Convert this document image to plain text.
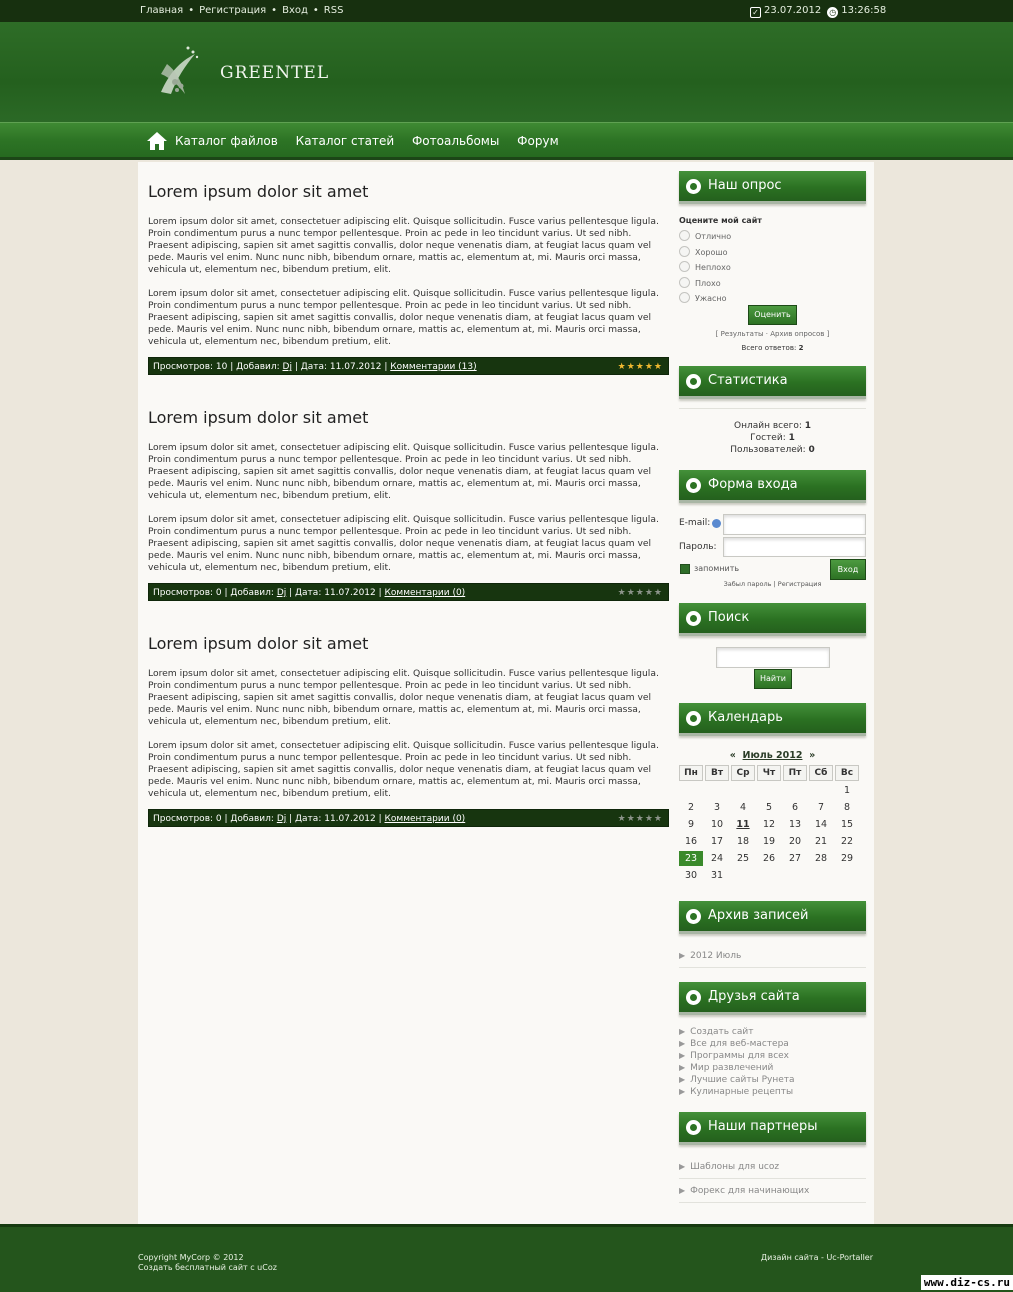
Главная • Регистрация • Вход • RSS	✓ 23.07.2012 ◷ 13:26:58
GREENTEL
Каталог файлов Каталог статей Фотоальбомы Форум
Lorem ipsum dolor sit amet

Lorem ipsum dolor sit amet, consectetuer adipiscing elit. Quisque sollicitudin. Fusce varius pellentesque ligula. Proin condimentum purus a nunc tempor pellentesque. Proin ac pede in leo tincidunt varius. Ut sed nibh. Praesent adipiscing, sapien sit amet sagittis convallis, dolor neque venenatis diam, at feugiat lacus quam vel pede. Mauris vel enim. Nunc nunc nibh, bibendum ornare, mattis ac, elementum at, mi. Mauris orci massa, vehicula ut, elementum nec, bibendum pretium, elit.

Lorem ipsum dolor sit amet, consectetuer adipiscing elit. Quisque sollicitudin. Fusce varius pellentesque ligula. Proin condimentum purus a nunc tempor pellentesque. Proin ac pede in leo tincidunt varius. Ut sed nibh. Praesent adipiscing, sapien sit amet sagittis convallis, dolor neque venenatis diam, at feugiat lacus quam vel pede. Mauris vel enim. Nunc nunc nibh, bibendum ornare, mattis ac, elementum at, mi. Mauris orci massa, vehicula ut, elementum nec, bibendum pretium, elit.

Просмотров: 10 | Добавил: Dj | Дата: 11.07.2012 | Комментарии (13)	★★★★★
Lorem ipsum dolor sit amet

Lorem ipsum dolor sit amet, consectetuer adipiscing elit. Quisque sollicitudin. Fusce varius pellentesque ligula. Proin condimentum purus a nunc tempor pellentesque. Proin ac pede in leo tincidunt varius. Ut sed nibh. Praesent adipiscing, sapien sit amet sagittis convallis, dolor neque venenatis diam, at feugiat lacus quam vel pede. Mauris vel enim. Nunc nunc nibh, bibendum ornare, mattis ac, elementum at, mi. Mauris orci massa, vehicula ut, elementum nec, bibendum pretium, elit.

Lorem ipsum dolor sit amet, consectetuer adipiscing elit. Quisque sollicitudin. Fusce varius pellentesque ligula. Proin condimentum purus a nunc tempor pellentesque. Proin ac pede in leo tincidunt varius. Ut sed nibh. Praesent adipiscing, sapien sit amet sagittis convallis, dolor neque venenatis diam, at feugiat lacus quam vel pede. Mauris vel enim. Nunc nunc nibh, bibendum ornare, mattis ac, elementum at, mi. Mauris orci massa, vehicula ut, elementum nec, bibendum pretium, elit.

Просмотров: 0 | Добавил: Dj | Дата: 11.07.2012 | Комментарии (0)	★★★★★
Lorem ipsum dolor sit amet

Lorem ipsum dolor sit amet, consectetuer adipiscing elit. Quisque sollicitudin. Fusce varius pellentesque ligula. Proin condimentum purus a nunc tempor pellentesque. Proin ac pede in leo tincidunt varius. Ut sed nibh. Praesent adipiscing, sapien sit amet sagittis convallis, dolor neque venenatis diam, at feugiat lacus quam vel pede. Mauris vel enim. Nunc nunc nibh, bibendum ornare, mattis ac, elementum at, mi. Mauris orci massa, vehicula ut, elementum nec, bibendum pretium, elit.

Lorem ipsum dolor sit amet, consectetuer adipiscing elit. Quisque sollicitudin. Fusce varius pellentesque ligula. Proin condimentum purus a nunc tempor pellentesque. Proin ac pede in leo tincidunt varius. Ut sed nibh. Praesent adipiscing, sapien sit amet sagittis convallis, dolor neque venenatis diam, at feugiat lacus quam vel pede. Mauris vel enim. Nunc nunc nibh, bibendum ornare, mattis ac, elementum at, mi. Mauris orci massa, vehicula ut, elementum nec, bibendum pretium, elit.

Просмотров: 0 | Добавил: Dj | Дата: 11.07.2012 | Комментарии (0)	★★★★★
Наш опрос
Оцените мой сайт
Отлично
Хорошо
Неплохо
Плохо
Ужасно
Оценить
[ Результаты · Архив опросов ]
Всего ответов: 2
Статистика
Онлайн всего: 1
Гостей: 1
Пользователей: 0
Форма входа
E-mail:
Пароль:
запомнить	Вход
Забыл пароль | Регистрация
Поиск
Найти
Календарь
« Июль 2012 »
Пн	Вт	Ср	Чт	Пт	Сб	Вс
						1
2	3	4	5	6	7	8
9	10	11	12	13	14	15
16	17	18	19	20	21	22
23	24	25	26	27	28	29
30	31					
Архив записей
▶ 2012 Июль
Друзья сайта
▶ Создать сайт
▶ Все для веб-мастера
▶ Программы для всех
▶ Мир развлечений
▶ Лучшие сайты Рунета
▶ Кулинарные рецепты
Наши партнеры
▶ Шаблоны для ucoz
▶ Форекс для начинающих
Copyright MyCorp © 2012
Создать бесплатный сайт с uCoz
Дизайн сайта - Uc-Portaller
www.diz-cs.ru
